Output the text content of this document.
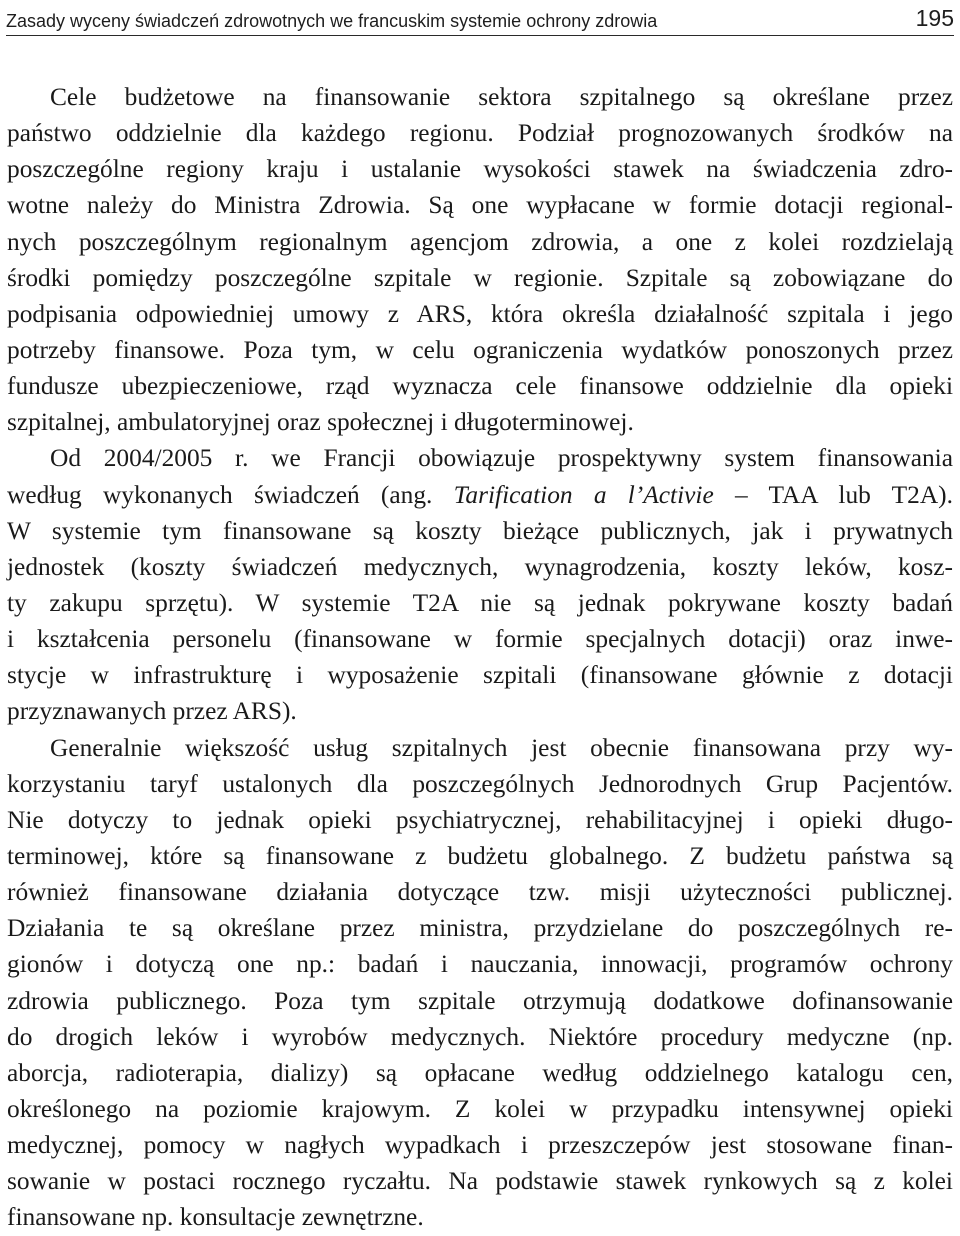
Zasady wyceny świadczeń zdrowotnych we francuskim systemie ochrony zdrowia	195
Cele budżetowe na finansowanie sektora szpitalnego są określane przez
państwo oddzielnie dla każdego regionu. Podział prognozowanych środków na
poszczególne regiony kraju i ustalanie wysokości stawek na świadczenia zdro-
wotne należy do Ministra Zdrowia. Są one wypłacane w formie dotacji regional-
nych poszczególnym regionalnym agencjom zdrowia, a one z kolei rozdzielają
środki pomiędzy poszczególne szpitale w regionie. Szpitale są zobowiązane do
podpisania odpowiedniej umowy z ARS, która określa działalność szpitala i jego
potrzeby finansowe. Poza tym, w celu ograniczenia wydatków ponoszonych przez
fundusze ubezpieczeniowe, rząd wyznacza cele finansowe oddzielnie dla opieki
szpitalnej, ambulatoryjnej oraz społecznej i długoterminowej.
Od 2004/2005 r. we Francji obowiązuje prospektywny system finansowania
według wykonanych świadczeń (ang. Tarification a l’Activie – TAA lub T2A).
W systemie tym finansowane są koszty bieżące publicznych, jak i prywatnych
jednostek (koszty świadczeń medycznych, wynagrodzenia, koszty leków, kosz-
ty zakupu sprzętu). W systemie T2A nie są jednak pokrywane koszty badań
i kształcenia personelu (finansowane w formie specjalnych dotacji) oraz inwe-
stycje w infrastrukturę i wyposażenie szpitali (finansowane głównie z dotacji
przyznawanych przez ARS).
Generalnie większość usług szpitalnych jest obecnie finansowana przy wy-
korzystaniu taryf ustalonych dla poszczególnych Jednorodnych Grup Pacjentów.
Nie dotyczy to jednak opieki psychiatrycznej, rehabilitacyjnej i opieki długo-
terminowej, które są finansowane z budżetu globalnego. Z budżetu państwa są
również finansowane działania dotyczące tzw. misji użyteczności publicznej.
Działania te są określane przez ministra, przydzielane do poszczególnych re-
gionów i dotyczą one np.: badań i nauczania, innowacji, programów ochrony
zdrowia publicznego. Poza tym szpitale otrzymują dodatkowe dofinansowanie
do drogich leków i wyrobów medycznych. Niektóre procedury medyczne (np.
aborcja, radioterapia, dializy) są opłacane według oddzielnego katalogu cen,
określonego na poziomie krajowym. Z kolei w przypadku intensywnej opieki
medycznej, pomocy w nagłych wypadkach i przeszczepów jest stosowane finan-
sowanie w postaci rocznego ryczałtu. Na podstawie stawek rynkowych są z kolei
finansowane np. konsultacje zewnętrzne.
